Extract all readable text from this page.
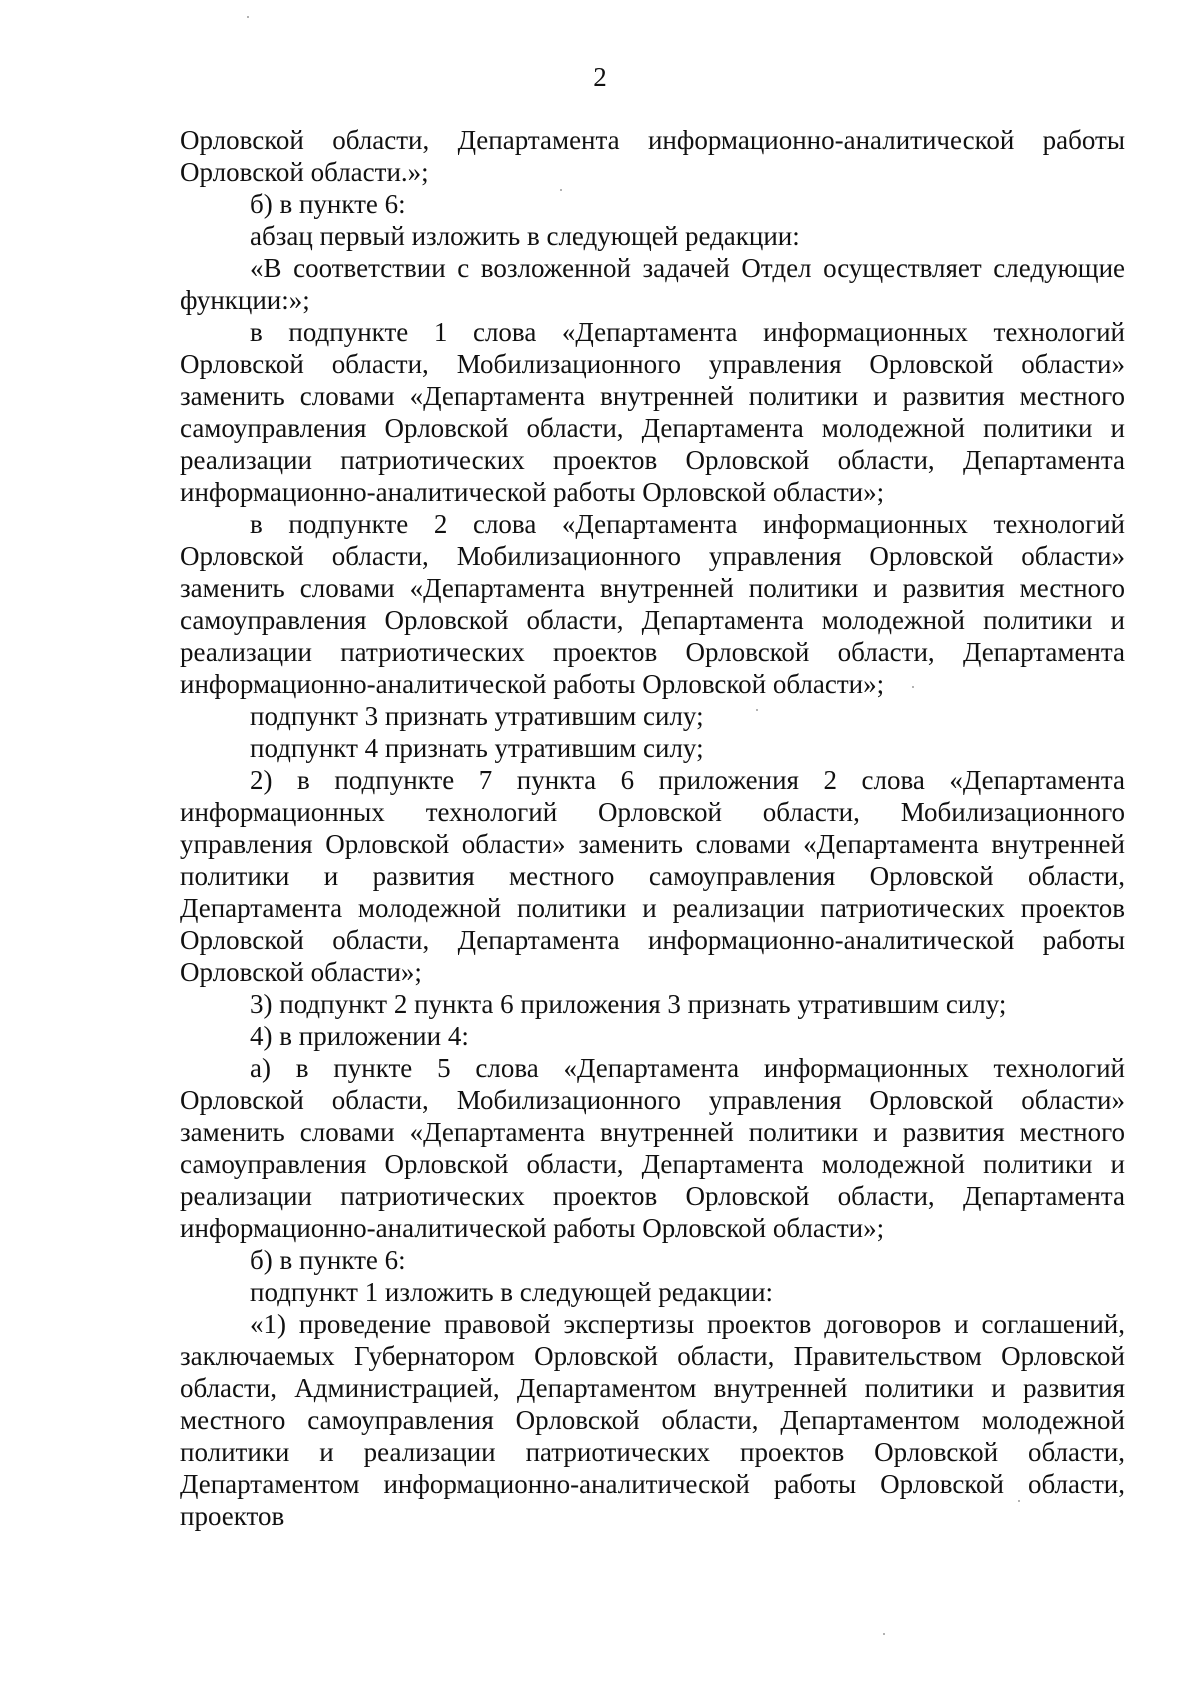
2

Орловской области, Департамента информационно-аналитической работы Орловской области.»;

б) в пункте 6:

абзац первый изложить в следующей редакции:

«В соответствии с возложенной задачей Отдел осуществляет следующие функции:»;

в подпункте 1 слова «Департамента информационных технологий Орловской области, Мобилизационного управления Орловской области» заменить словами «Департамента внутренней политики и развития местного самоуправления Орловской области, Департамента молодежной политики и реализации патриотических проектов Орловской области, Департамента информационно-аналитической работы Орловской области»;

в подпункте 2 слова «Департамента информационных технологий Орловской области, Мобилизационного управления Орловской области» заменить словами «Департамента внутренней политики и развития местного самоуправления Орловской области, Департамента молодежной политики и реализации патриотических проектов Орловской области, Департамента информационно-аналитической работы Орловской области»;

подпункт 3 признать утратившим силу;

подпункт 4 признать утратившим силу;

2) в подпункте 7 пункта 6 приложения 2 слова «Департамента информационных технологий Орловской области, Мобилизационного управления Орловской области» заменить словами «Департамента внутренней политики и развития местного самоуправления Орловской области, Департамента молодежной политики и реализации патриотических проектов Орловской области, Департамента информационно-аналитической работы Орловской области»;

3) подпункт 2 пункта 6 приложения 3 признать утратившим силу;

4) в приложении 4:

а) в пункте 5 слова «Департамента информационных технологий Орловской области, Мобилизационного управления Орловской области» заменить словами «Департамента внутренней политики и развития местного самоуправления Орловской области, Департамента молодежной политики и реализации патриотических проектов Орловской области, Департамента информационно-аналитической работы Орловской области»;

б) в пункте 6:

подпункт 1 изложить в следующей редакции:

«1) проведение правовой экспертизы проектов договоров и соглашений, заключаемых Губернатором Орловской области, Правительством Орловской области, Администрацией, Департаментом внутренней политики и развития местного самоуправления Орловской области, Департаментом молодежной политики и реализации патриотических проектов Орловской области, Департаментом информационно-аналитической работы Орловской области, проектов
